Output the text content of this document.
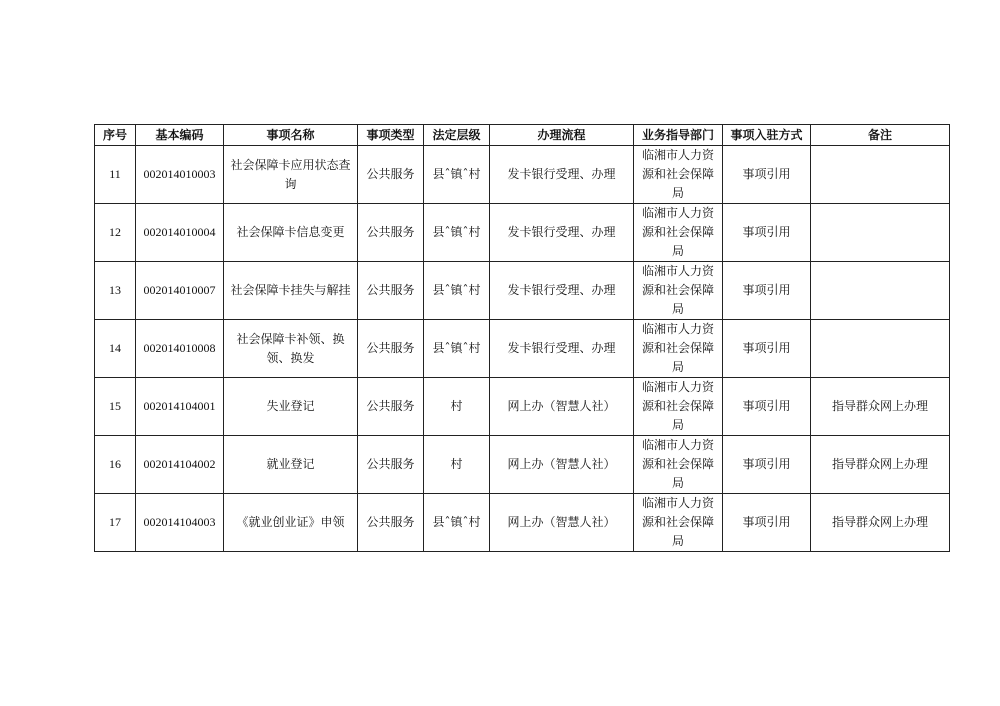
序号	基本编码	事项名称	事项类型	法定层级	办理流程	业务指导部门	事项入驻方式	备注
11	002014010003	社会保障卡应用状态查询	公共服务	县ˆ镇ˆ村	发卡银行受理、办理	临湘市人力资源和社会保障局	事项引用	
12	002014010004	社会保障卡信息变更	公共服务	县ˆ镇ˆ村	发卡银行受理、办理	临湘市人力资源和社会保障局	事项引用	
13	002014010007	社会保障卡挂失与解挂	公共服务	县ˆ镇ˆ村	发卡银行受理、办理	临湘市人力资源和社会保障局	事项引用	
14	002014010008	社会保障卡补领、换领、换发	公共服务	县ˆ镇ˆ村	发卡银行受理、办理	临湘市人力资源和社会保障局	事项引用	
15	002014104001	失业登记	公共服务	村	网上办（智慧人社）	临湘市人力资源和社会保障局	事项引用	指导群众网上办理
16	002014104002	就业登记	公共服务	村	网上办（智慧人社）	临湘市人力资源和社会保障局	事项引用	指导群众网上办理
17	002014104003	《就业创业证》申领	公共服务	县ˆ镇ˆ村	网上办（智慧人社）	临湘市人力资源和社会保障局	事项引用	指导群众网上办理
